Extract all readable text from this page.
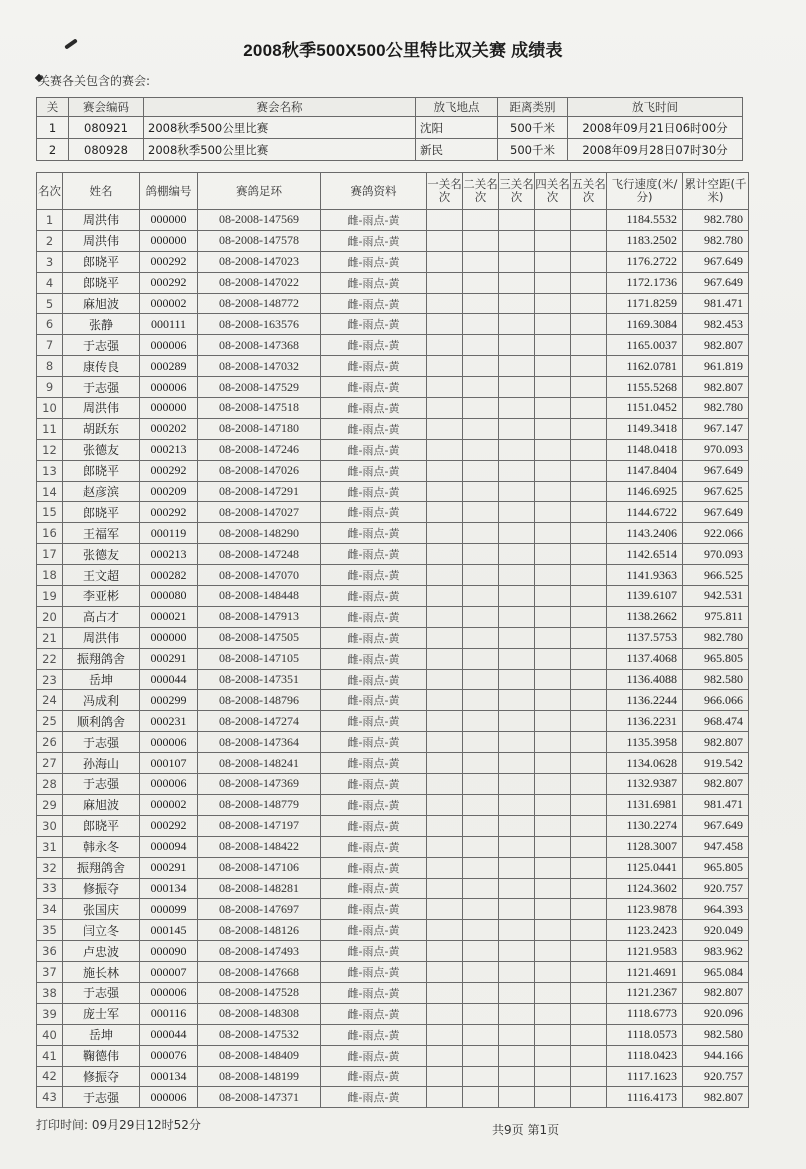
2008秋季500X500公里特比双关赛 成绩表
关赛各关包含的赛会:
关	赛会编码	赛会名称	放飞地点	距离类别	放飞时间
1	080921	2008秋季500公里比赛	沈阳	500千米	2008年09月21日06时00分
2	080928	2008秋季500公里比赛	新民	500千米	2008年09月28日07时30分
名次	姓名	鸽棚编号	赛鸽足环	赛鸽资料	一关名次	二关名次	三关名次	四关名次	五关名次	飞行速度(米/分)	累计空距(千米)
1	周洪伟	000000	08-2008-147569	雌-雨点-黄						1184.5532	982.780
2	周洪伟	000000	08-2008-147578	雌-雨点-黄						1183.2502	982.780
3	郎晓平	000292	08-2008-147023	雌-雨点-黄						1176.2722	967.649
4	郎晓平	000292	08-2008-147022	雌-雨点-黄						1172.1736	967.649
5	麻旭波	000002	08-2008-148772	雌-雨点-黄						1171.8259	981.471
6	张静	000111	08-2008-163576	雌-雨点-黄						1169.3084	982.453
7	于志强	000006	08-2008-147368	雌-雨点-黄						1165.0037	982.807
8	康传良	000289	08-2008-147032	雌-雨点-黄						1162.0781	961.819
9	于志强	000006	08-2008-147529	雌-雨点-黄						1155.5268	982.807
10	周洪伟	000000	08-2008-147518	雌-雨点-黄						1151.0452	982.780
11	胡跃东	000202	08-2008-147180	雌-雨点-黄						1149.3418	967.147
12	张德友	000213	08-2008-147246	雌-雨点-黄						1148.0418	970.093
13	郎晓平	000292	08-2008-147026	雌-雨点-黄						1147.8404	967.649
14	赵彦滨	000209	08-2008-147291	雌-雨点-黄						1146.6925	967.625
15	郎晓平	000292	08-2008-147027	雌-雨点-黄						1144.6722	967.649
16	王福军	000119	08-2008-148290	雌-雨点-黄						1143.2406	922.066
17	张德友	000213	08-2008-147248	雌-雨点-黄						1142.6514	970.093
18	王文超	000282	08-2008-147070	雌-雨点-黄						1141.9363	966.525
19	李亚彬	000080	08-2008-148448	雌-雨点-黄						1139.6107	942.531
20	高占才	000021	08-2008-147913	雌-雨点-黄						1138.2662	975.811
21	周洪伟	000000	08-2008-147505	雌-雨点-黄						1137.5753	982.780
22	振翔鸽舍	000291	08-2008-147105	雌-雨点-黄						1137.4068	965.805
23	岳坤	000044	08-2008-147351	雌-雨点-黄						1136.4088	982.580
24	冯成利	000299	08-2008-148796	雌-雨点-黄						1136.2244	966.066
25	顺利鸽舍	000231	08-2008-147274	雌-雨点-黄						1136.2231	968.474
26	于志强	000006	08-2008-147364	雌-雨点-黄						1135.3958	982.807
27	孙海山	000107	08-2008-148241	雌-雨点-黄						1134.0628	919.542
28	于志强	000006	08-2008-147369	雌-雨点-黄						1132.9387	982.807
29	麻旭波	000002	08-2008-148779	雌-雨点-黄						1131.6981	981.471
30	郎晓平	000292	08-2008-147197	雌-雨点-黄						1130.2274	967.649
31	韩永冬	000094	08-2008-148422	雌-雨点-黄						1128.3007	947.458
32	振翔鸽舍	000291	08-2008-147106	雌-雨点-黄						1125.0441	965.805
33	修振夺	000134	08-2008-148281	雌-雨点-黄						1124.3602	920.757
34	张国庆	000099	08-2008-147697	雌-雨点-黄						1123.9878	964.393
35	闫立冬	000145	08-2008-148126	雌-雨点-黄						1123.2423	920.049
36	卢忠波	000090	08-2008-147493	雌-雨点-黄						1121.9583	983.962
37	施长林	000007	08-2008-147668	雌-雨点-黄						1121.4691	965.084
38	于志强	000006	08-2008-147528	雌-雨点-黄						1121.2367	982.807
39	庞士军	000116	08-2008-148308	雌-雨点-黄						1118.6773	920.096
40	岳坤	000044	08-2008-147532	雌-雨点-黄						1118.0573	982.580
41	鞠德伟	000076	08-2008-148409	雌-雨点-黄						1118.0423	944.166
42	修振夺	000134	08-2008-148199	雌-雨点-黄						1117.1623	920.757
43	于志强	000006	08-2008-147371	雌-雨点-黄						1116.4173	982.807
打印时间: 09月29日12时52分	共9页 第1页
